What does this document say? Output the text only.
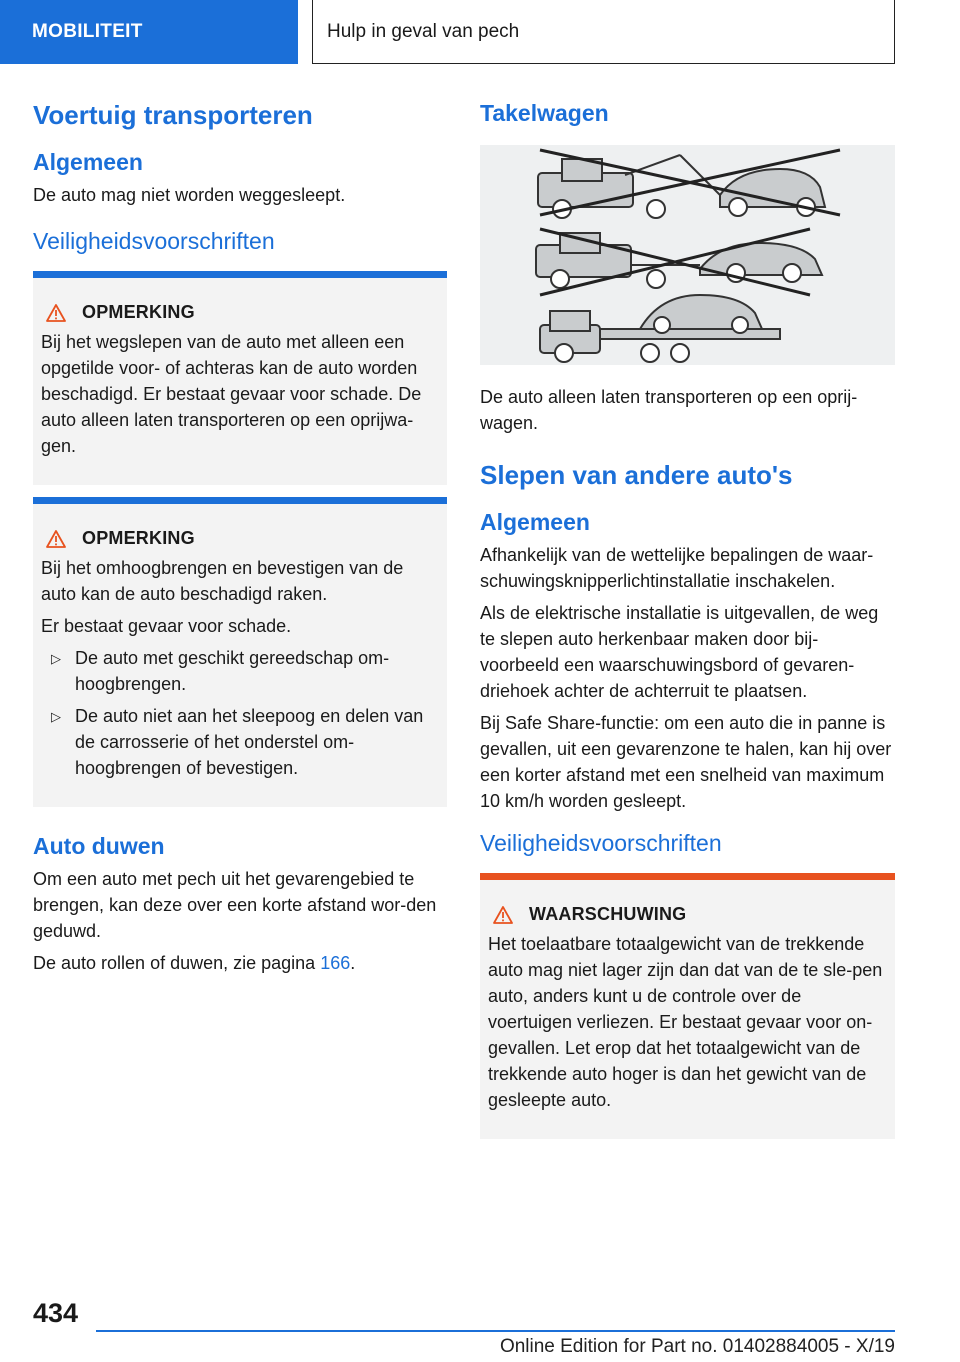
MOBILITEIT	Hulp in geval van pech
Voertuig transporteren
Algemeen

De auto mag niet worden weggesleept.

Veiligheidsvoorschriften
OPMERKING

Bij het wegslepen van de auto met alleen een opgetilde voor- of achteras kan de auto worden beschadigd. Er bestaat gevaar voor schade. De auto alleen laten transporteren op een oprijwa-gen.

OPMERKING

Bij het omhoogbrengen en bevestigen van de auto kan de auto beschadigd raken.

Er bestaat gevaar voor schade.

▷ De auto met geschikt gereedschap om-hoogbrengen.
▷ De auto niet aan het sleepoog en delen van de carrosserie of het onderstel om-hoogbrengen of bevestigen.
Auto duwen

Om een auto met pech uit het gevarengebied te brengen, kan deze over een korte afstand wor-den geduwd.

De auto rollen of duwen, zie pagina 166.

Takelwagen

De auto alleen laten transporteren op een oprij-wagen.

Slepen van andere auto's
Algemeen

Afhankelijk van de wettelijke bepalingen de waar-schuwingsknipperlichtinstallatie inschakelen.

Als de elektrische installatie is uitgevallen, de weg te slepen auto herkenbaar maken door bij-voorbeeld een waarschuwingsbord of gevaren-driehoek achter de achterruit te plaatsen.

Bij Safe Share-functie: om een auto die in panne is gevallen, uit een gevarenzone te halen, kan hij over een korter afstand met een snelheid van maximum 10 km/h worden gesleept.

Veiligheidsvoorschriften
WAARSCHUWING

Het toelaatbare totaalgewicht van de trekkende auto mag niet lager zijn dan dat van de te sle-pen auto, anders kunt u de controle over de voertuigen verliezen. Er bestaat gevaar voor on-gevallen. Let erop dat het totaalgewicht van de trekkende auto hoger is dan het gewicht van de gesleepte auto.

434
Online Edition for Part no. 01402884005 - X/19
